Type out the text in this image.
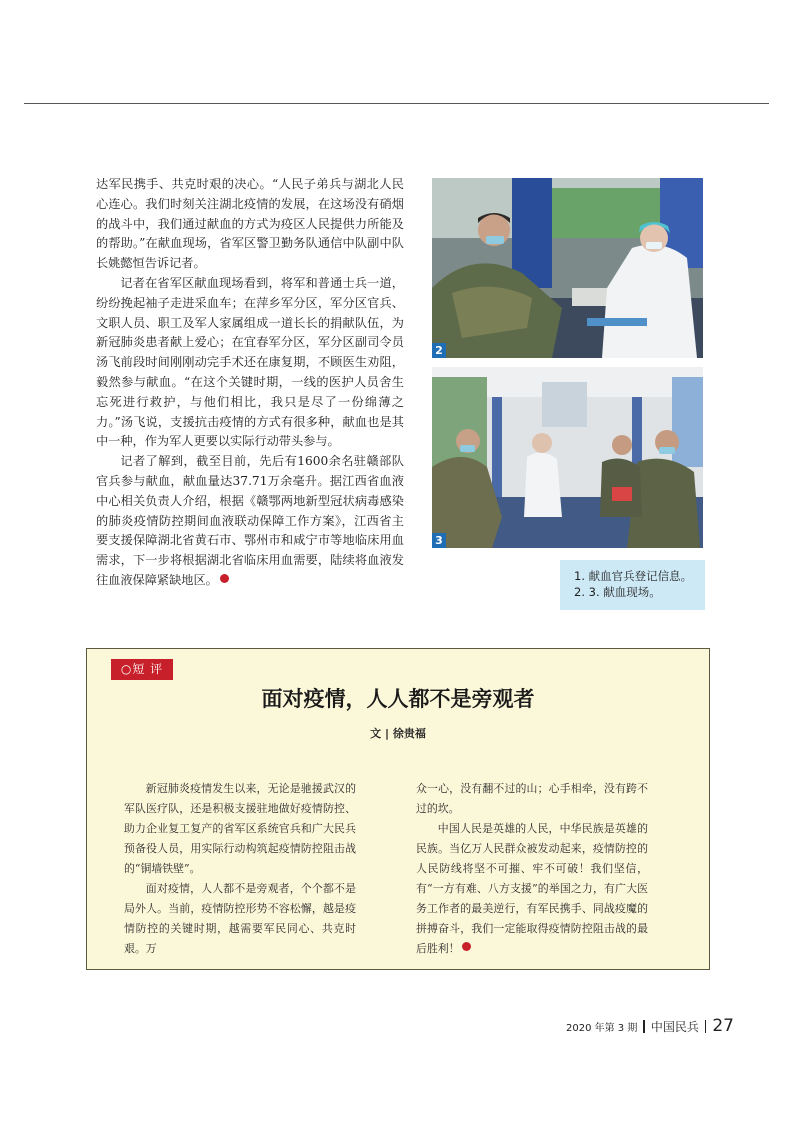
达军民携手、共克时艰的决心。“人民子弟兵与湖北人民心连心。我们时刻关注湖北疫情的发展，在这场没有硝烟的战斗中，我们通过献血的方式为疫区人民提供力所能及的帮助。”在献血现场，省军区警卫勤务队通信中队副中队长姚懿恒告诉记者。

记者在省军区献血现场看到，将军和普通士兵一道，纷纷挽起袖子走进采血车；在萍乡军分区，军分区官兵、文职人员、职工及军人家属组成一道长长的捐献队伍，为新冠肺炎患者献上爱心；在宜春军分区，军分区副司令员汤飞前段时间刚刚动完手术还在康复期，不顾医生劝阻，毅然参与献血。“在这个关键时期，一线的医护人员舍生忘死进行救护，与他们相比，我只是尽了一份绵薄之力。”汤飞说，支援抗击疫情的方式有很多种，献血也是其中一种，作为军人更要以实际行动带头参与。

记者了解到，截至目前，先后有1600余名驻赣部队官兵参与献血，献血量达37.71万余毫升。据江西省血液中心相关负责人介绍，根据《赣鄂两地新型冠状病毒感染的肺炎疫情防控期间血液联动保障工作方案》，江西省主要支援保障湖北省黄石市、鄂州市和咸宁市等地临床用血需求，下一步将根据湖北省临床用血需要，陆续将血液发往血液保障紧缺地区。

2
3
1. 献血官兵登记信息。
2. 3. 献血现场。
○短 评
面对疫情，人人都不是旁观者
文 | 徐贵福

新冠肺炎疫情发生以来，无论是驰援武汉的军队医疗队，还是积极支援驻地做好疫情防控、助力企业复工复产的省军区系统官兵和广大民兵预备役人员，用实际行动构筑起疫情防控阻击战的“铜墙铁壁”。

面对疫情，人人都不是旁观者，个个都不是局外人。当前，疫情防控形势不容松懈，越是疫情防控的关键时期，越需要军民同心、共克时艰。万

众一心，没有翻不过的山；心手相牵，没有跨不过的坎。

中国人民是英雄的人民，中华民族是英雄的民族。当亿万人民群众被发动起来，疫情防控的人民防线将坚不可摧、牢不可破！我们坚信，有“一方有难、八方支援”的举国之力，有广大医务工作者的最美逆行，有军民携手、同战疫魔的拼搏奋斗，我们一定能取得疫情防控阻击战的最后胜利！

2020 年第 3 期 中国民兵 27
